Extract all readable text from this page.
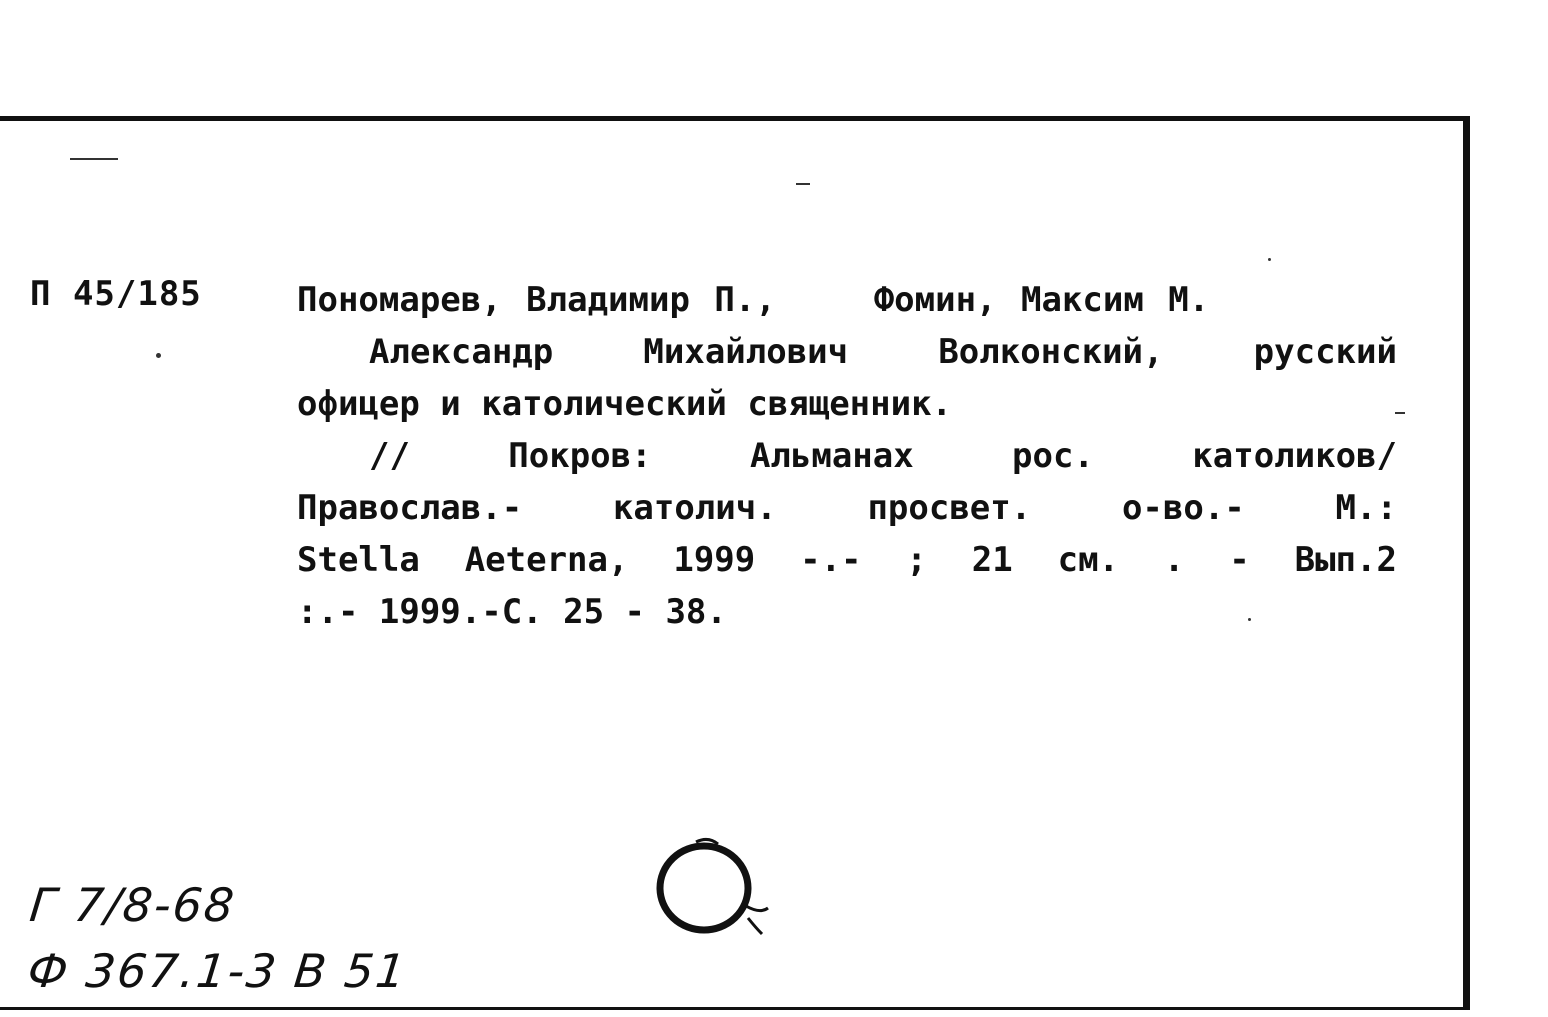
П 45/185	Пономарев, Владимир П.,	Фомин, Максим М.
Александр	Михайлович	Волконский,	русский
офицер и католический священник.
//	Покров:	Альманах	рос.	католиков/
Православ.-	католич.	просвет.	о-во.-	М.:
Stella Aeterna, 1999 -.- ; 21 см. . - Вып.2
:.- 1999.-С. 25 - 38.
Г 7/8-68
Ф 367.1-3 В 51
